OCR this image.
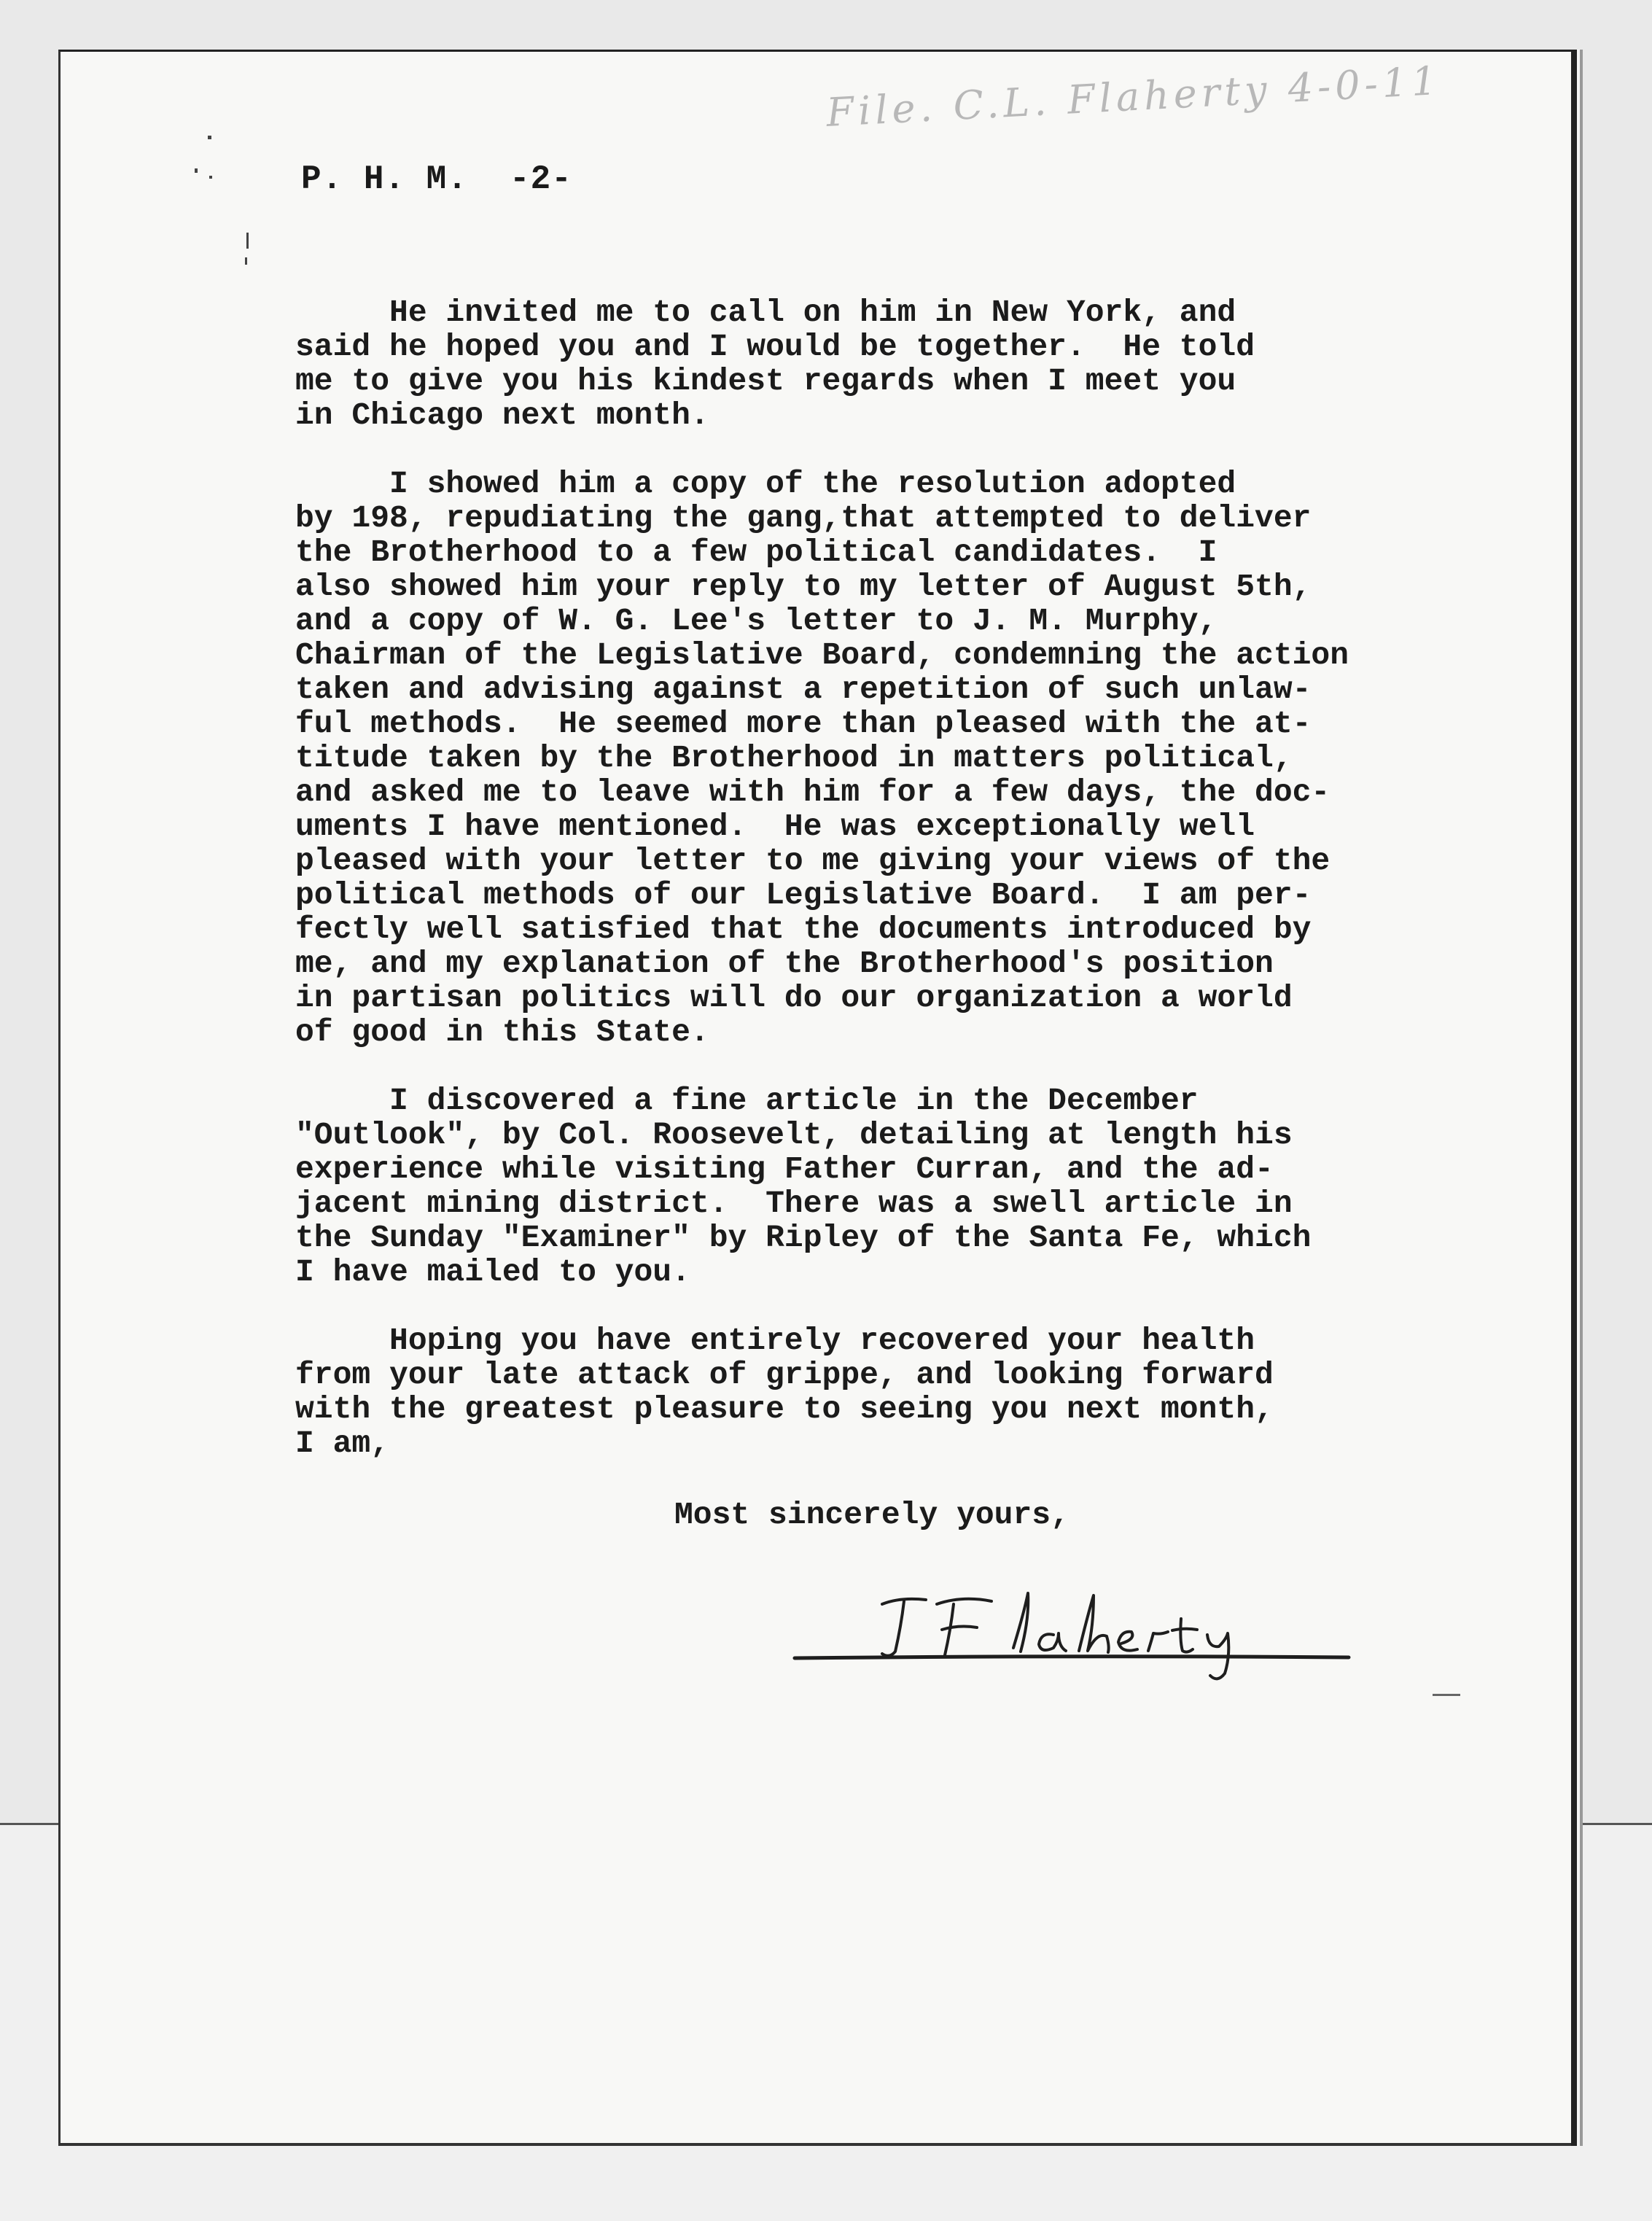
File. C.L. Flaherty 4-0-11
P. H. M.  -2-
He invited me to call on him in New York, and
said he hoped you and I would be together.  He told
me to give you his kindest regards when I meet you
in Chicago next month.
I showed him a copy of the resolution adopted
by 198, repudiating the gang,that attempted to deliver
the Brotherhood to a few political candidates.  I
also showed him your reply to my letter of August 5th,
and a copy of W. G. Lee's letter to J. M. Murphy,
Chairman of the Legislative Board, condemning the action
taken and advising against a repetition of such unlaw-
ful methods.  He seemed more than pleased with the at-
titude taken by the Brotherhood in matters political,
and asked me to leave with him for a few days, the doc-
uments I have mentioned.  He was exceptionally well
pleased with your letter to me giving your views of the
political methods of our Legislative Board.  I am per-
fectly well satisfied that the documents introduced by
me, and my explanation of the Brotherhood's position
in partisan politics will do our organization a world
of good in this State.
I discovered a fine article in the December
"Outlook", by Col. Roosevelt, detailing at length his
experience while visiting Father Curran, and the ad-
jacent mining district.  There was a swell article in
the Sunday "Examiner" by Ripley of the Santa Fe, which
I have mailed to you.
Hoping you have entirely recovered your health
from your late attack of grippe, and looking forward
with the greatest pleasure to seeing you next month,
I am,
Most sincerely yours,
T F Flaherty
